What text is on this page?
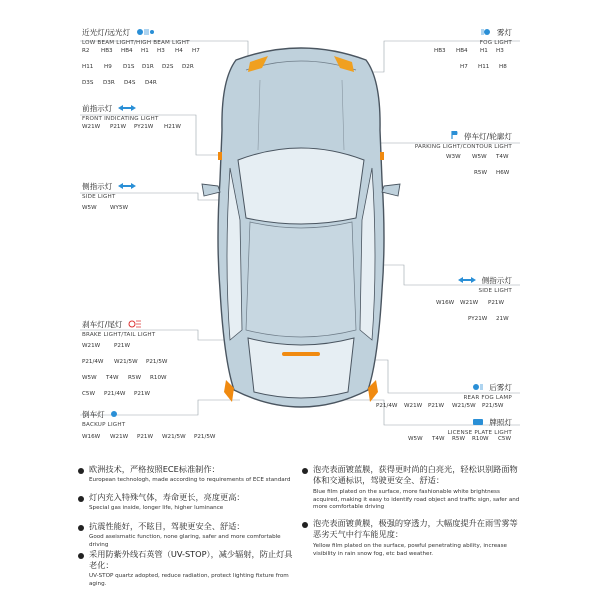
近光灯/远光灯
LOW BEAM LIGHT/HIGH BEAM LIGHT
R2 HB3 HB4 H1 H3 H4 H7
H11 H9 D1S D1R D2S D2R
D3S D3R D4S D4R
前指示灯
FRONT INDICATING LIGHT
W21W P21W PY21W H21W
侧指示灯
SIDE LIGHT
W5W WY5W
刹车灯/尾灯
BRAKE LIGHT/TAIL LIGHT
W21W P21W
P21/4W W21/5W P21/5W
W5W T4W R5W R10W
C5W P21/4W P21W
倒车灯
BACKUP LIGHT
W16W W21W P21W W21/5W P21/5W
雾灯
FOG LIGHT
HB3 HB4 H1 H3
H7 H11 H8
停车灯/轮廓灯
PARKING LIGHT/CONTOUR LIGHT
W3W W5W T4W
R5W H6W
侧指示灯
SIDE LIGHT
W16W W21W P21W
PY21W 21W
后雾灯
REAR FOG LAMP
P21/4W W21W P21W W21/5W P21/5W
牌照灯
LICENSE PLATE LIGHT
W5W T4W R5W R10W C5W
欧洲技术，严格按照ECE标准制作：
European technologh, made according to requirements of ECE standard
灯内充入特殊气体，寿命更长，亮度更高：
Special gas inside, longer life, higher luminance
抗震性能好，不眩目，驾驶更安全、舒适：
Good aseismatic function, none glaring, safer and more comfortable driving
采用防紫外线石英管（UV-STOP），减少辐射，防止灯具老化：
UV-STOP quartz adopted, reduce radiation, protect lighting fixture from aging.
泡壳表面镀蓝膜，获得更时尚的白亮光，轻松识别路面物体和交通标识，驾驶更安全、舒适：
Blue film plated on the surface, more fashionable white brightness acquired, making it easy to identify road object and traffic sign, safer and more comfortable driving
泡壳表面镀黄膜，极强的穿透力，大幅度提升在雨雪雾等恶劣天气中行车能见度：
Yellow film plated on the surface, powful penetrating ability, increase visibility in rain snow fog, etc bad weather.
